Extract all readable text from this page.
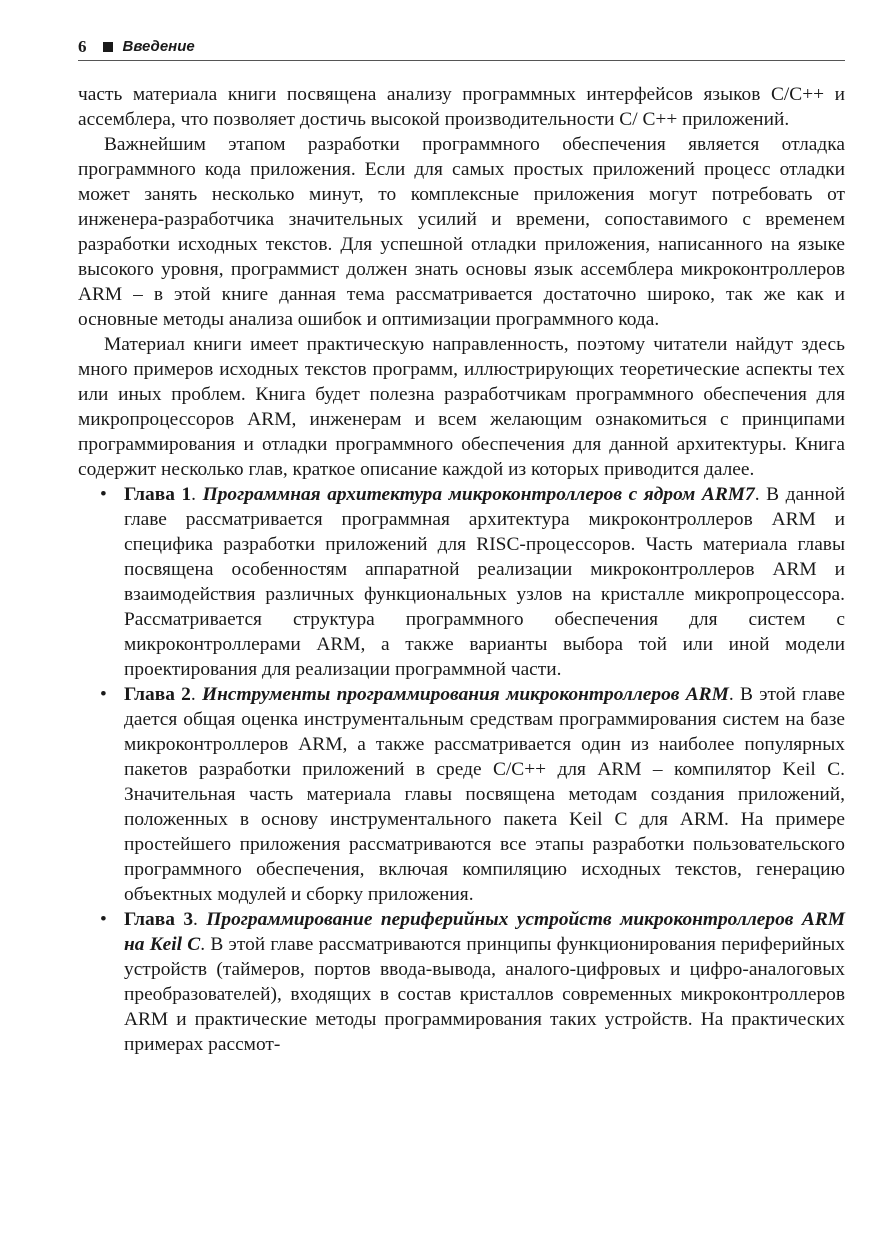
6 Введение

часть материала книги посвящена анализу программных интерфейсов языков C/C++ и ассемблера, что позволяет достичь высокой производительности C/ C++ приложений.

Важнейшим этапом разработки программного обеспечения является отладка программного кода приложения. Если для самых простых приложений процесс отладки может занять несколько минут, то комплексные приложения могут потребовать от инженера-разработчика значительных усилий и времени, сопоставимого с временем разработки исходных текстов. Для успешной отладки приложения, написанного на языке высокого уровня, программист должен знать основы язык ассемблера микроконтроллеров ARM – в этой книге данная тема рассматривается достаточно широко, так же как и основные методы анализа ошибок и оптимизации программного кода.

Материал книги имеет практическую направленность, поэтому читатели найдут здесь много примеров исходных текстов программ, иллюстрирующих теоретические аспекты тех или иных проблем. Книга будет полезна разработчикам программного обеспечения для микропроцессоров ARM, инженерам и всем желающим ознакомиться с принципами программирования и отладки программного обеспечения для данной архитектуры. Книга содержит несколько глав, краткое описание каждой из которых приводится далее.

• Глава 1. Программная архитектура микроконтроллеров с ядром ARM7. В данной главе рассматривается программная архитектура микроконтроллеров ARM и специфика разработки приложений для RISC-процессоров. Часть материала главы посвящена особенностям аппаратной реализации микроконтроллеров ARM и взаимодействия различных функциональных узлов на кристалле микропроцессора. Рассматривается структура программного обеспечения для систем с микроконтроллерами ARM, а также варианты выбора той или иной модели проектирования для реализации программной части.
• Глава 2. Инструменты программирования микроконтроллеров ARM. В этой главе дается общая оценка инструментальным средствам программирования систем на базе микроконтроллеров ARM, а также рассматривается один из наиболее популярных пакетов разработки приложений в среде C/C++ для ARM – компилятор Keil C. Значительная часть материала главы посвящена методам создания приложений, положенных в основу инструментального пакета Keil C для ARM. На примере простейшего приложения рассматриваются все этапы разработки пользовательского программного обеспечения, включая компиляцию исходных текстов, генерацию объектных модулей и сборку приложения.
• Глава 3. Программирование периферийных устройств микроконтроллеров ARM на Keil C. В этой главе рассматриваются принципы функционирования периферийных устройств (таймеров, портов ввода-вывода, аналого-цифровых и цифро-аналоговых преобразователей), входящих в состав кристаллов современных микроконтроллеров ARM и практические методы программирования таких устройств. На практических примерах рассмот-
